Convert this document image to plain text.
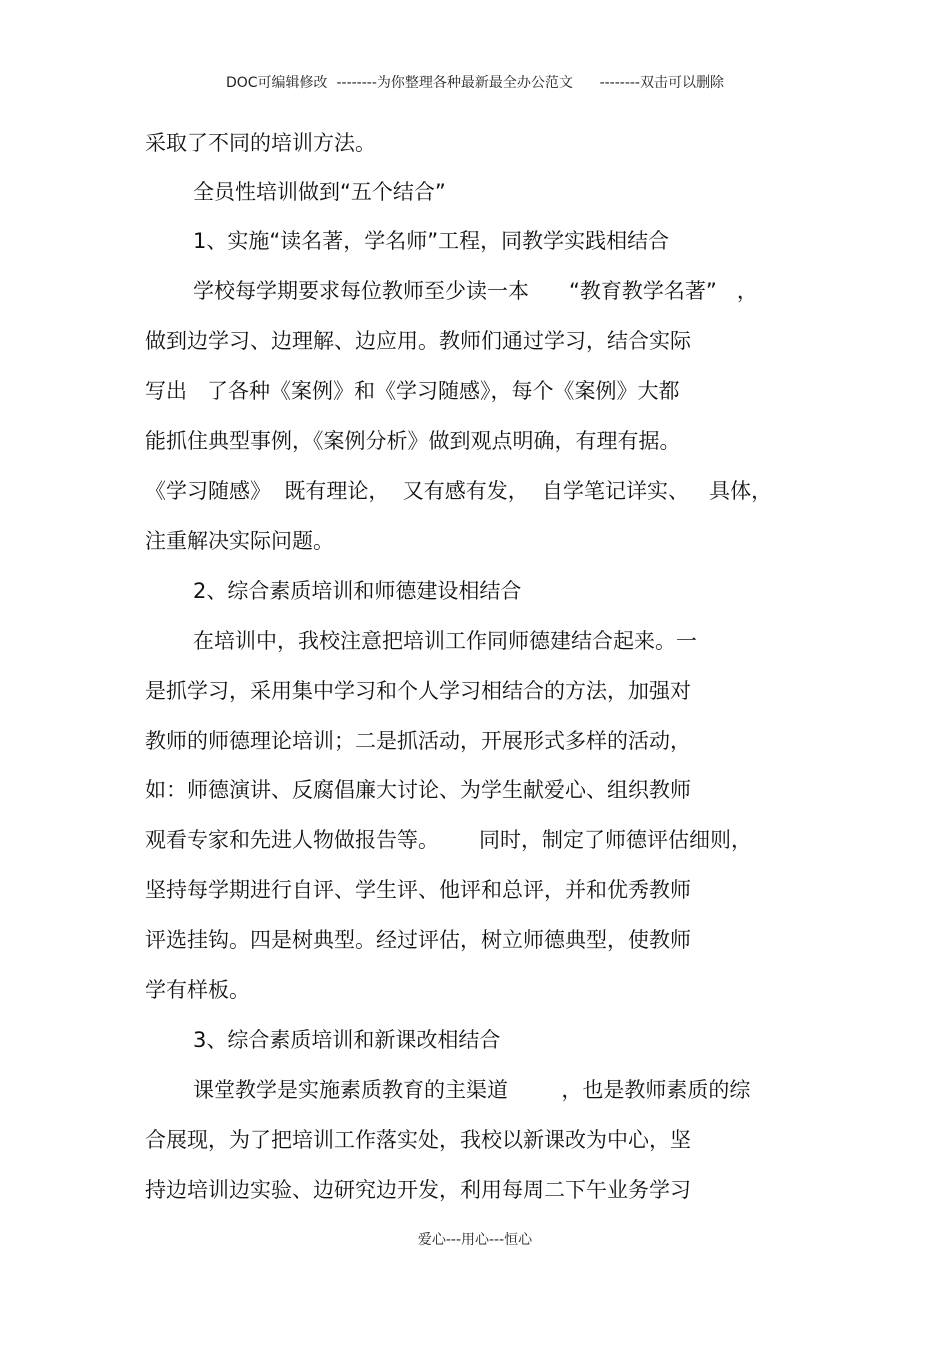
DOC可编辑修改  --------为你整理各种最新最全办公范文      --------双击可以删除
采取了不同的培训方法。
全员性培训做到“五个结合”
1、实施“读名著，学名师”工程，同教学实践相结合
学校每学期要求每位教师至少读一本      “教育教学名著”   ，
做到边学习、边理解、边应用。教师们通过学习，结合实际
写出   了各种《案例》和《学习随感》，每个《案例》大都
能抓住典型事例，《案例分析》做到观点明确，有理有据。
《学习随感》  既有理论，  又有感有发，  自学笔记详实、   具体，
注重解决实际问题。
2、综合素质培训和师德建设相结合
在培训中，我校注意把培训工作同师德建结合起来。一
是抓学习，采用集中学习和个人学习相结合的方法，加强对
教师的师德理论培训；二是抓活动，开展形式多样的活动，
如：师德演讲、反腐倡廉大讨论、为学生献爱心、组织教师
观看专家和先进人物做报告等。      同时，制定了师德评估细则，
坚持每学期进行自评、学生评、他评和总评，并和优秀教师
评选挂钩。四是树典型。经过评估，树立师德典型，使教师
学有样板。
3、综合素质培训和新课改相结合
课堂教学是实施素质教育的主渠道        ，也是教师素质的综
合展现，为了把培训工作落实处，我校以新课改为中心，坚
持边培训边实验、边研究边开发，利用每周二下午业务学习
爱心---用心---恒心
